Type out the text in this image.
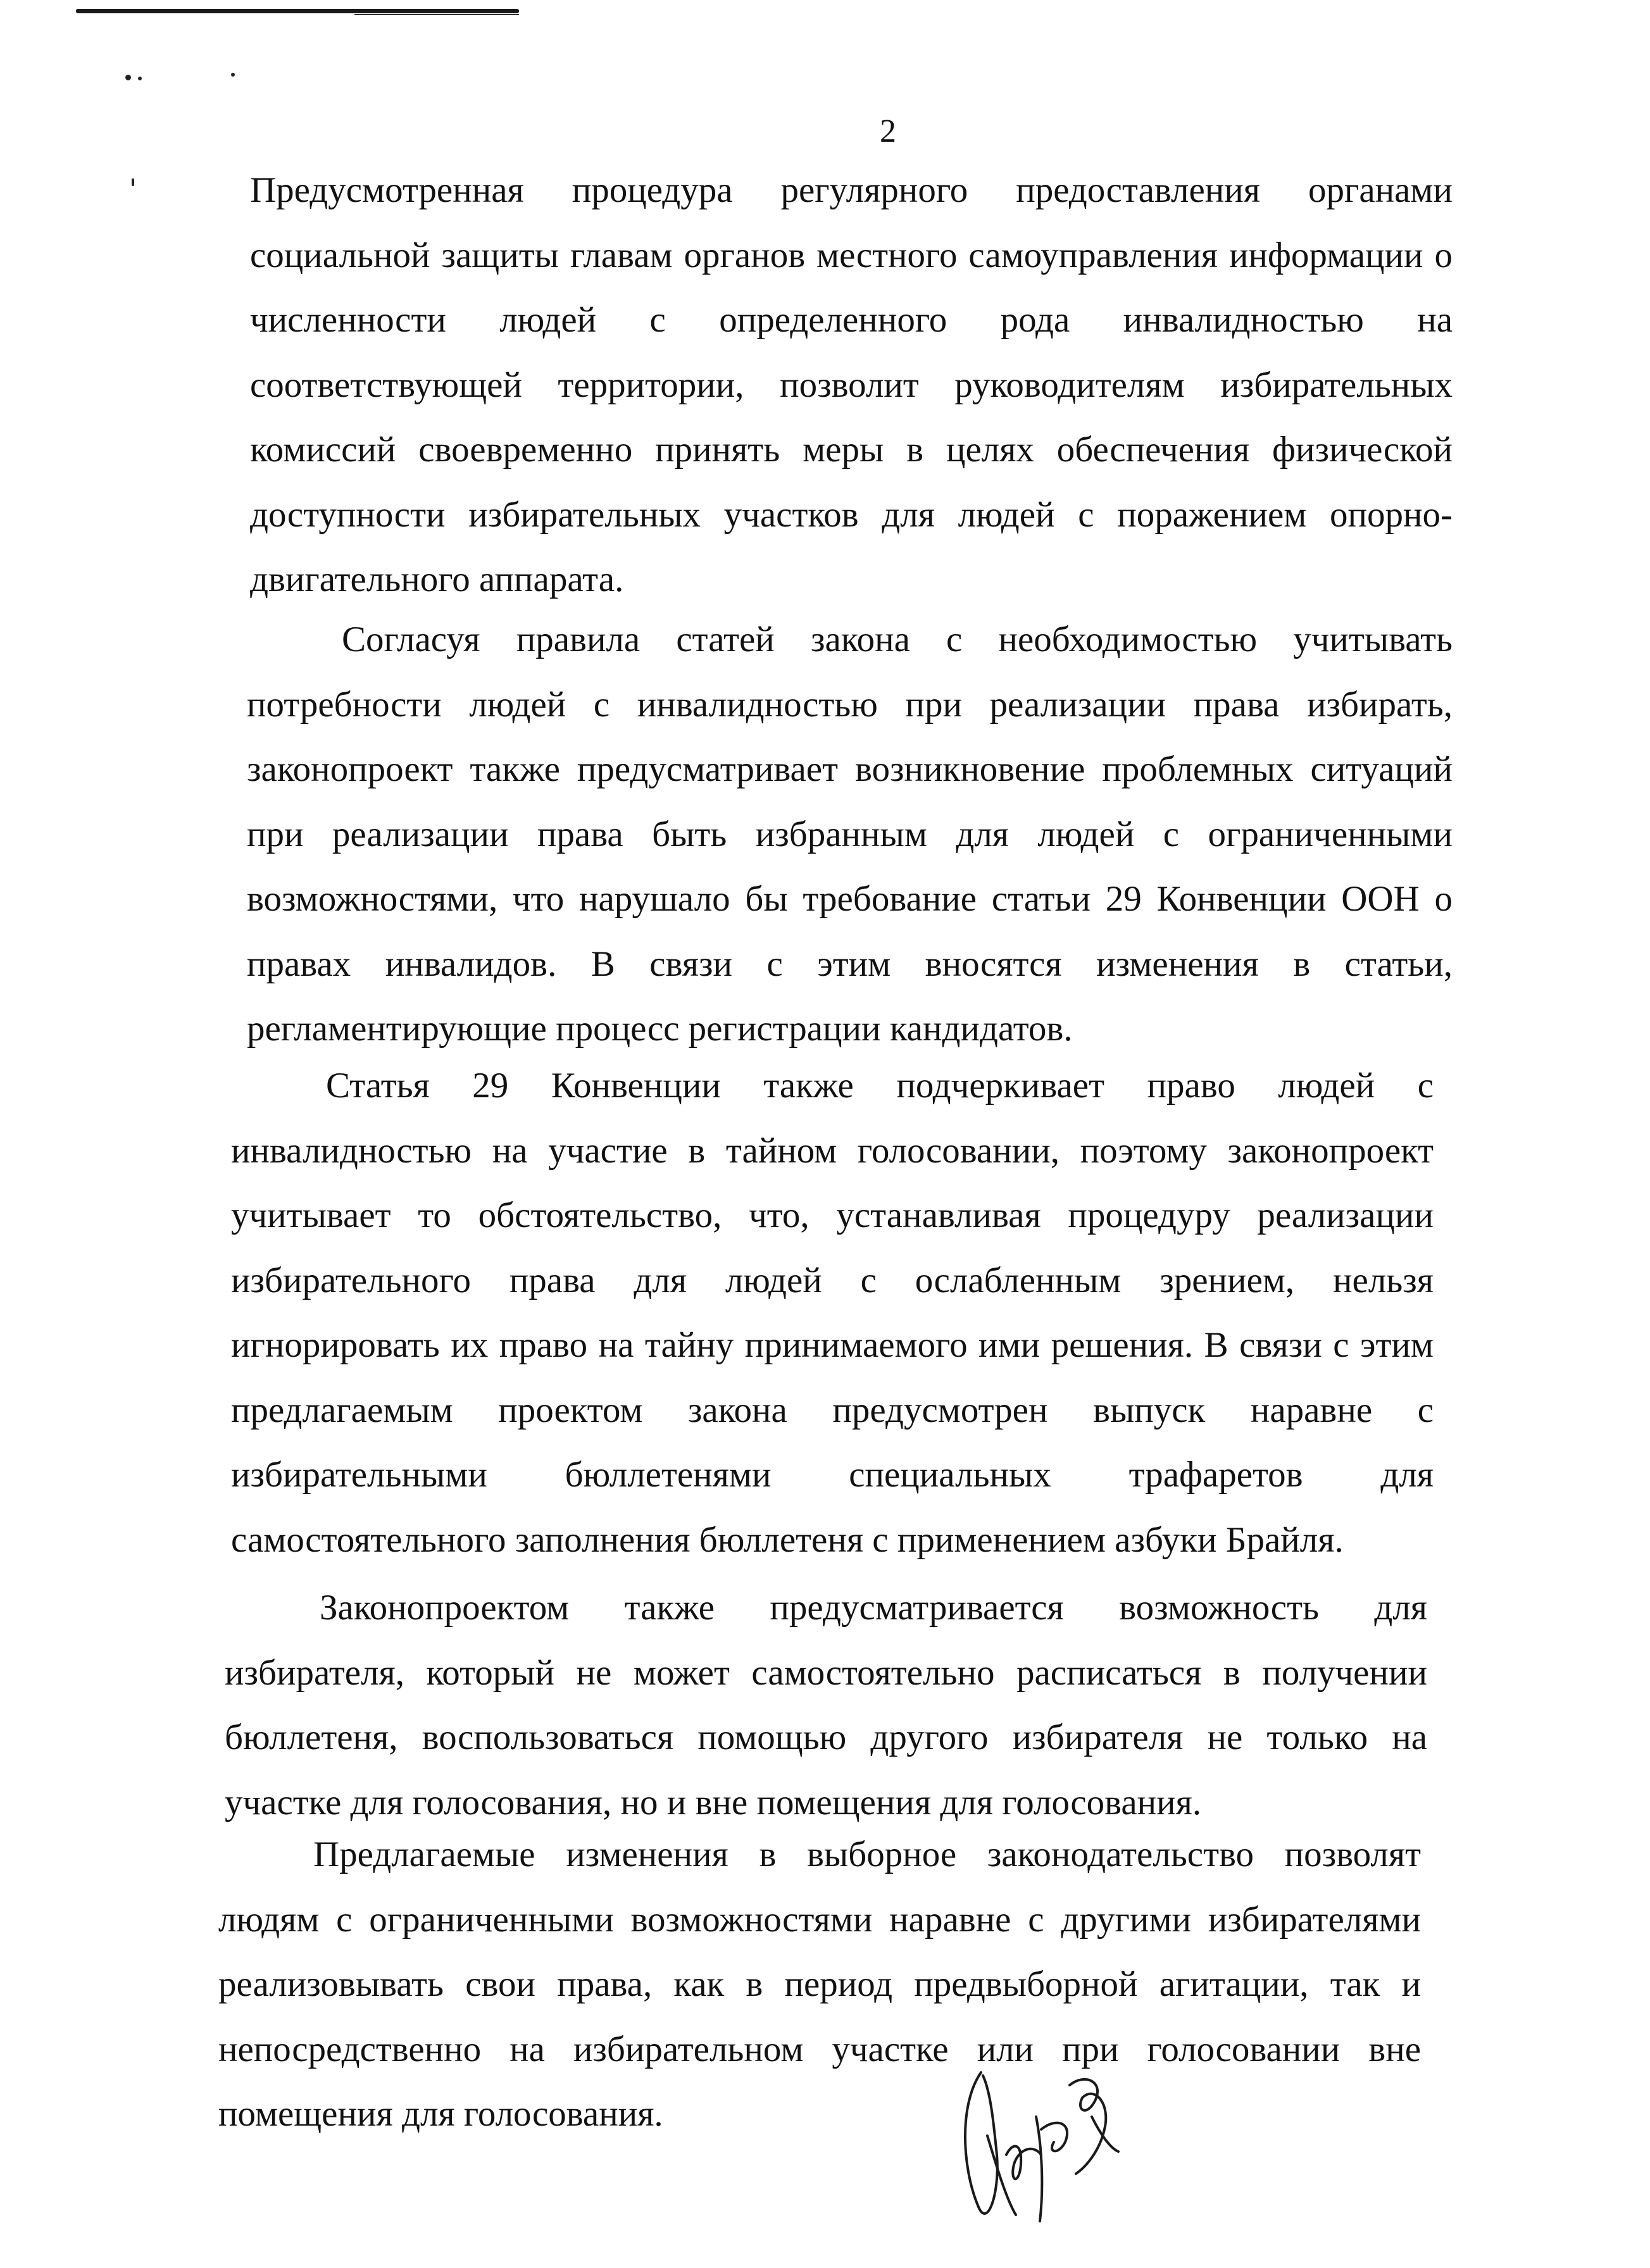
2

Предусмотренная процедура регулярного предоставления органами социальной защиты главам органов местного самоуправления информации о численности людей с определенного рода инвалидностью на соответствующей территории, позволит руководителям избирательных комиссий своевременно принять меры в целях обеспечения физической доступности избирательных участков для людей с поражением опорно-двигательного аппарата.

Согласуя правила статей закона с необходимостью учитывать потребности людей с инвалидностью при реализации права избирать, законопроект также предусматривает возникновение проблемных ситуаций при реализации права быть избранным для людей с ограниченными возможностями, что нарушало бы требование статьи 29 Конвенции ООН о правах инвалидов. В связи с этим вносятся изменения в статьи, регламентирующие процесс регистрации кандидатов.

Статья 29 Конвенции также подчеркивает право людей с инвалидностью на участие в тайном голосовании, поэтому законопроект учитывает то обстоятельство, что, устанавливая процедуру реализации избирательного права для людей с ослабленным зрением, нельзя игнорировать их право на тайну принимаемого ими решения. В связи с этим предлагаемым проектом закона предусмотрен выпуск наравне с избирательными бюллетенями специальных трафаретов для самостоятельного заполнения бюллетеня с применением азбуки Брайля.

Законопроектом также предусматривается возможность для избирателя, который не может самостоятельно расписаться в получении бюллетеня, воспользоваться помощью другого избирателя не только на участке для голосования, но и вне помещения для голосования.

Предлагаемые изменения в выборное законодательство позволят людям с ограниченными возможностями наравне с другими избирателями реализовывать свои права, как в период предвыборной агитации, так и непосредственно на избирательном участке или при голосовании вне помещения для голосования.
